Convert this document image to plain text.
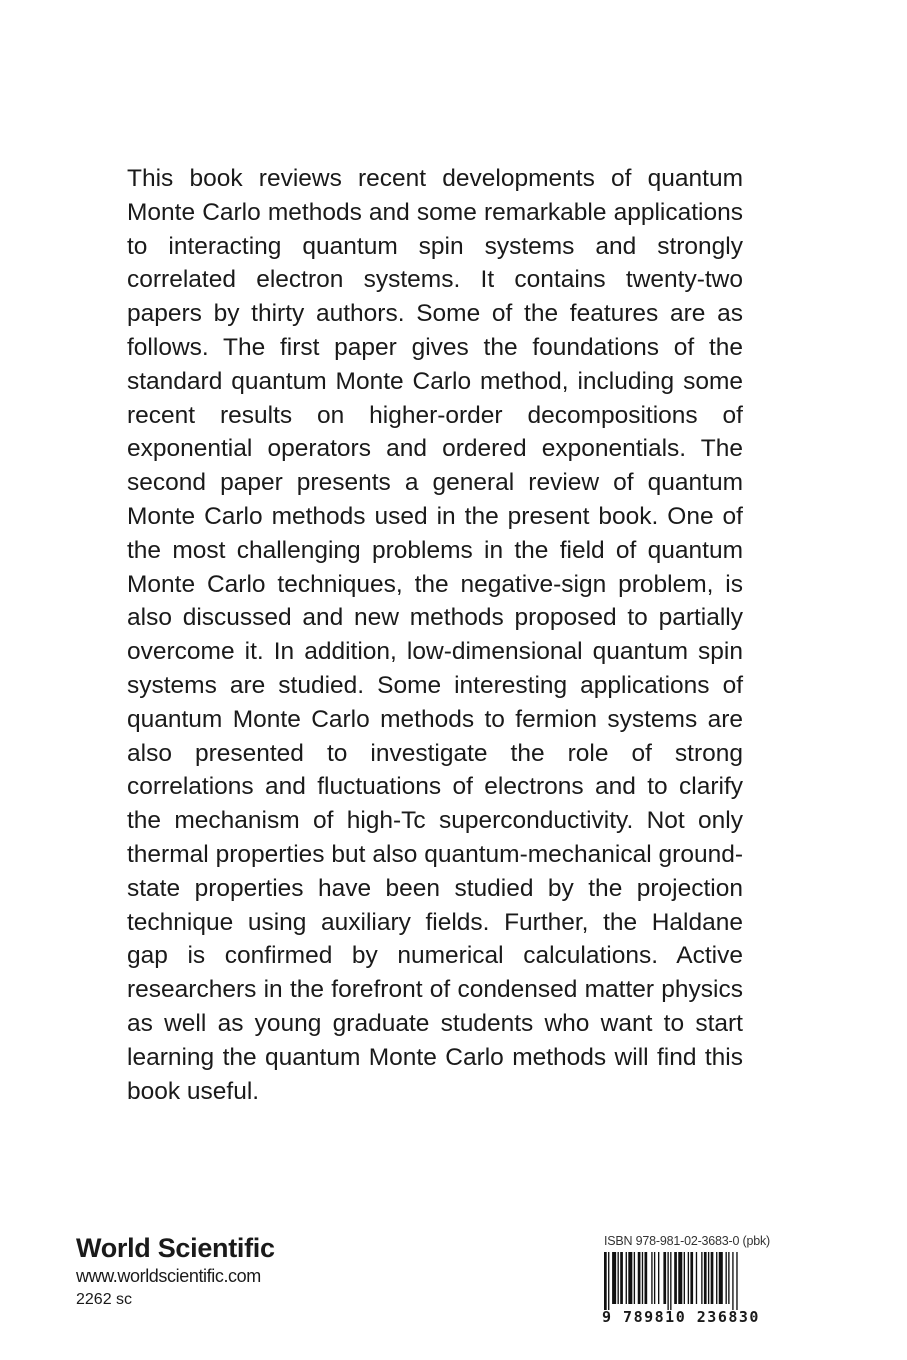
This book reviews recent developments of quantum Monte Carlo methods and some remarkable applications to interacting quantum spin systems and strongly correlated electron systems. It contains twenty-two papers by thirty authors. Some of the features are as follows. The first paper gives the foundations of the standard quantum Monte Carlo method, including some recent results on higher-order decompositions of exponential operators and ordered exponentials. The second paper presents a general review of quantum Monte Carlo methods used in the present book. One of the most challenging problems in the field of quantum Monte Carlo techniques, the negative-sign problem, is also discussed and new methods proposed to partially overcome it. In addition, low-dimensional quantum spin systems are studied. Some interesting applications of quantum Monte Carlo methods to fermion systems are also presented to investigate the role of strong correlations and fluctuations of electrons and to clarify the mechanism of high-Tc superconductivity. Not only thermal properties but also quantum-mechanical ground-state properties have been studied by the projection technique using auxiliary fields. Further, the Haldane gap is confirmed by numerical calculations. Active researchers in the forefront of condensed matter physics as well as young graduate students who want to start learning the quantum Monte Carlo methods will find this book useful.

World Scientific
www.worldscientific.com
2262 sc
ISBN 978-981-02-3683-0 (pbk)
9 789810 236830
